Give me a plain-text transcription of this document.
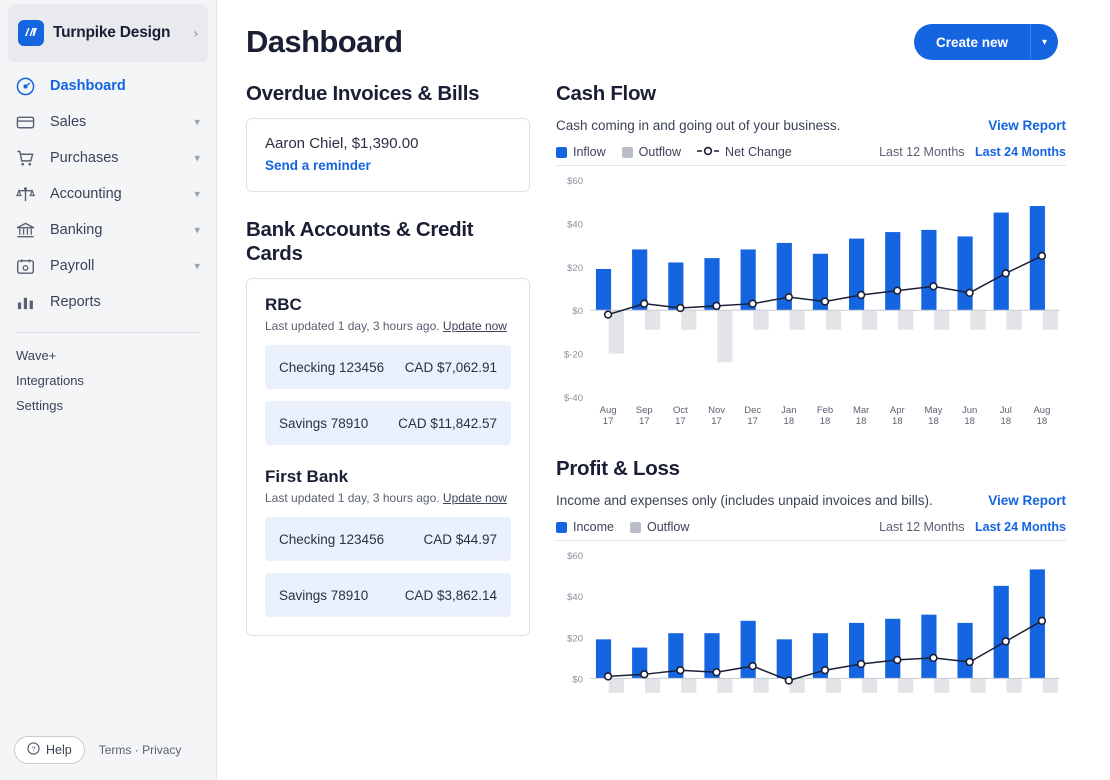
Turnpike Design ›
Dashboard
Sales	▾
Purchases	▾
Accounting	▾
Banking	▾
Payroll	▾
Reports
Wave+
Integrations
Settings
? Help Terms · Privacy
Dashboard	Create new	▾
Overdue Invoices & Bills
Aaron Chiel, $1,390.00
Send a reminder
Bank Accounts & Credit Cards
RBC
Last updated 1 day, 3 hours ago. Update now
Checking 123456 CAD $7,062.91
Savings 78910 CAD $11,842.57
First Bank
Last updated 1 day, 3 hours ago. Update now
Checking 123456	CAD $44.97
Savings 78910	CAD $3,862.14
Cash Flow
Cash coming in and going out of your business.	View Report
Inflow	Outflow	Net Change	Last 12 Months Last 24 Months
$-40
$-20
$0
$20
$40
$60
Aug
17
Sep
17
Oct
17
Nov
17
Dec
17
Jan
18
Feb
18
Mar
18
Apr
18
May
18
Jun
18
Jul
18
Aug
18
Profit & Loss
Income and expenses only (includes unpaid invoices and bills).	View Report
Income	Outflow	Last 12 Months Last 24 Months
$0
$20
$40
$60
